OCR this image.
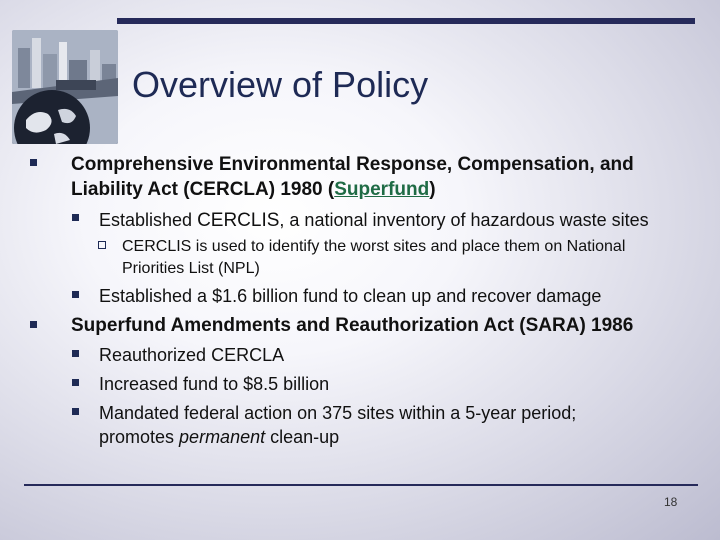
Overview of Policy
Comprehensive Environmental Response, Compensation, and
Liability Act (CERCLA) 1980 (Superfund)
Established CERCLIS, a national inventory of hazardous waste sites
CERCLIS is used to identify the worst sites and place them on National
Priorities List (NPL)
Established a $1.6 billion fund to clean up and recover damage
Superfund Amendments and Reauthorization Act (SARA) 1986
Reauthorized CERCLA
Increased fund to $8.5 billion
Mandated federal action on 375 sites within a 5-year period;
promotes permanent clean-up
18
